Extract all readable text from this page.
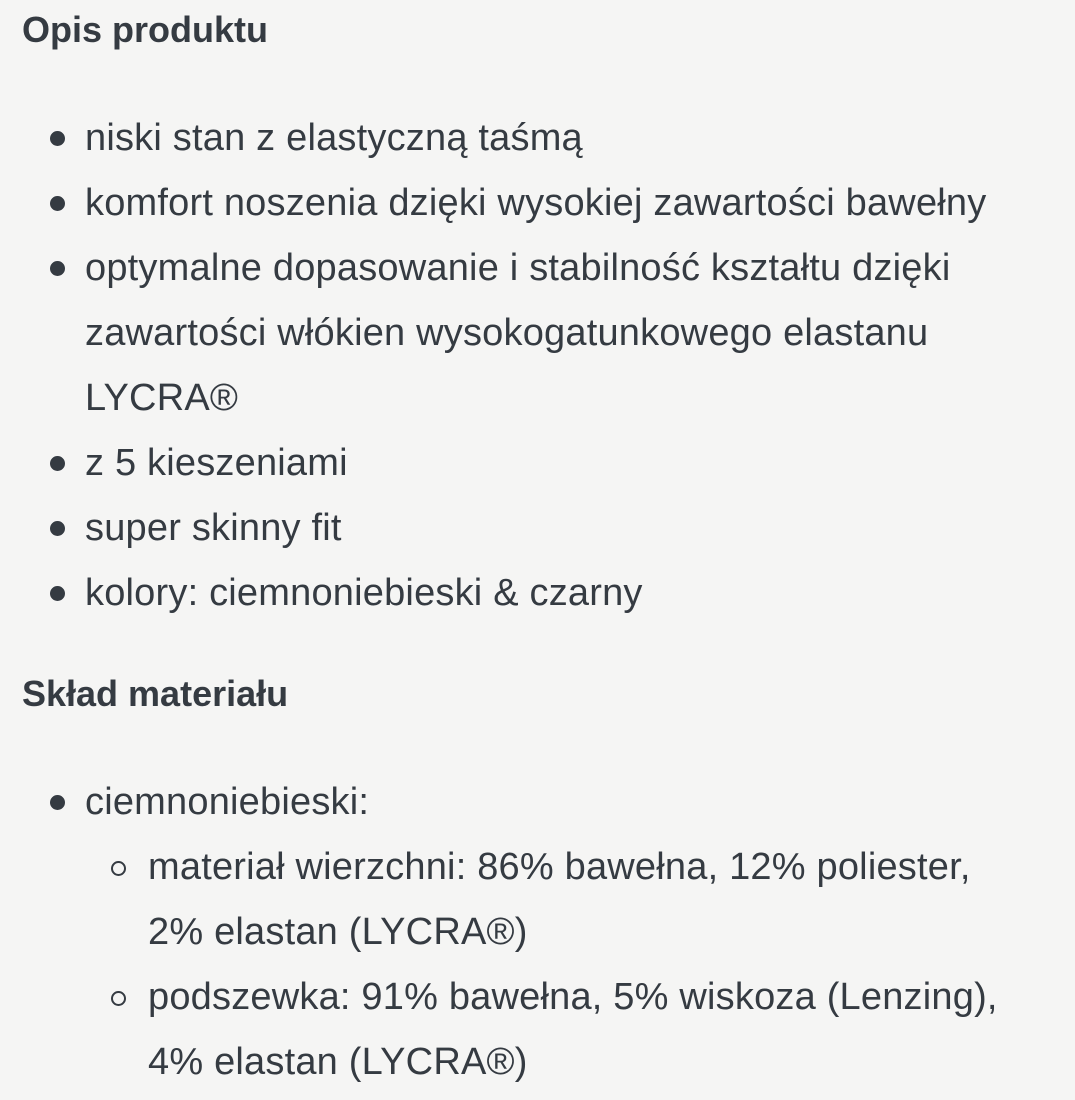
Opis produktu
niski stan z elastyczną taśmą
komfort noszenia dzięki wysokiej zawartości bawełny
optymalne dopasowanie i stabilność kształtu dzięki zawartości włókien wysokogatunkowego elastanu LYCRA®
z 5 kieszeniami
super skinny fit
kolory: ciemnoniebieski & czarny
Skład materiału
ciemnoniebieski:
materiał wierzchni: 86% bawełna, 12% poliester, 2% elastan (LYCRA®)
podszewka: 91% bawełna, 5% wiskoza (Lenzing), 4% elastan (LYCRA®)
